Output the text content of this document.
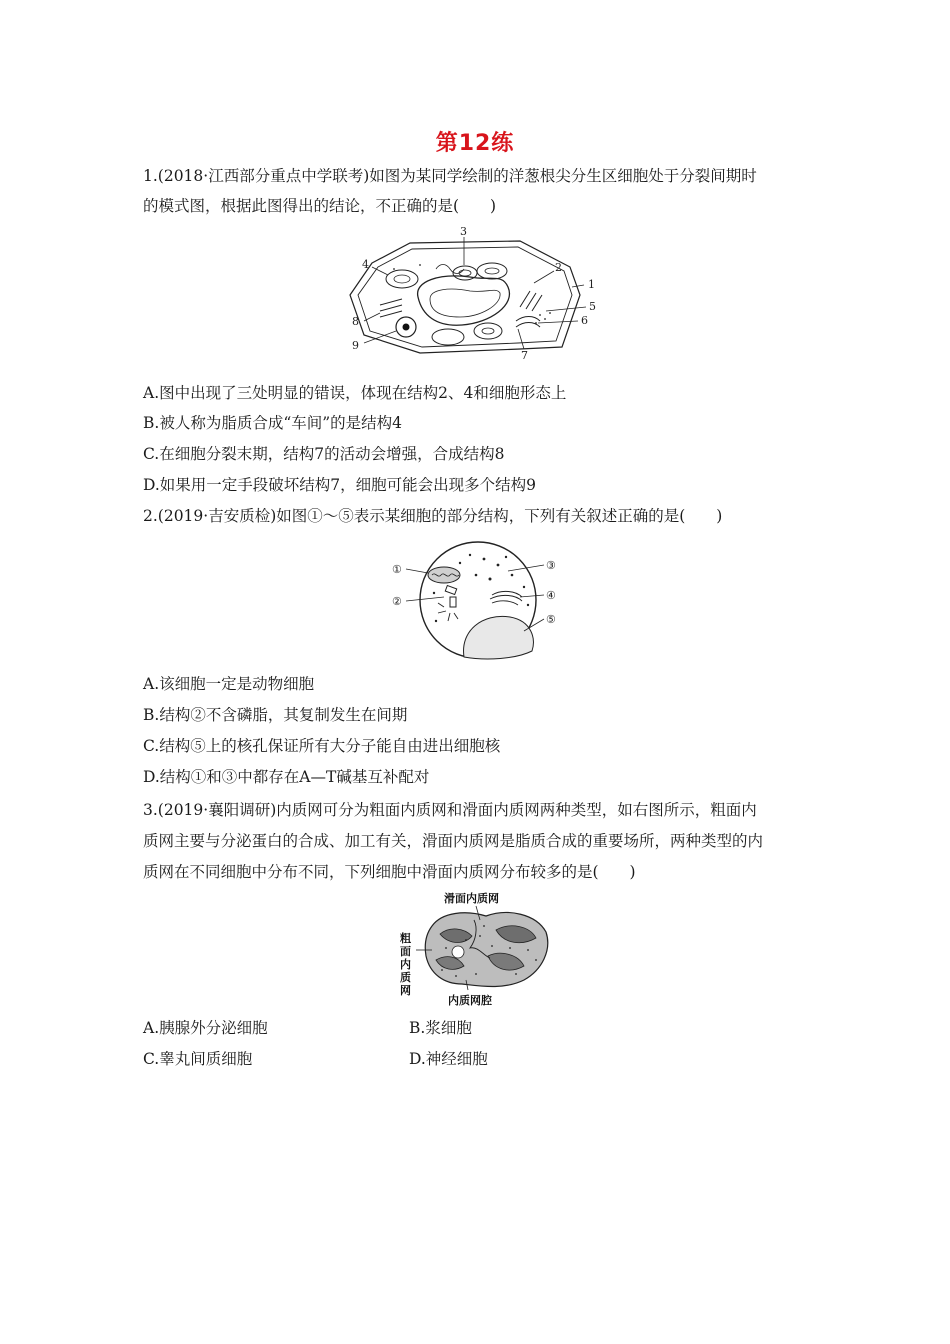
第12练
1.(2018·江西部分重点中学联考)如图为某同学绘制的洋葱根尖分生区细胞处于分裂间期时
的模式图，根据此图得出的结论，不正确的是(　　)
1
2
3
4
5
6
7
8
9
A.图中出现了三处明显的错误，体现在结构2、4和细胞形态上
B.被人称为脂质合成“车间”的是结构4
C.在细胞分裂末期，结构7的活动会增强，合成结构8
D.如果用一定手段破坏结构7，细胞可能会出现多个结构9
2.(2019·吉安质检)如图①～⑤表示某细胞的部分结构，下列有关叙述正确的是(　　)
①
②
③
④
⑤
A.该细胞一定是动物细胞
B.结构②不含磷脂，其复制发生在间期
C.结构⑤上的核孔保证所有大分子能自由进出细胞核
D.结构①和③中都存在A—T碱基互补配对
3.(2019·襄阳调研)内质网可分为粗面内质网和滑面内质网两种类型，如右图所示，粗面内
质网主要与分泌蛋白的合成、加工有关，滑面内质网是脂质合成的重要场所，两种类型的内
质网在不同细胞中分布不同，下列细胞中滑面内质网分布较多的是(　　)
滑面内质网
粗
面
内
质
网
内质网腔
A.胰腺外分泌细胞	B.浆细胞
C.睾丸间质细胞	D.神经细胞
